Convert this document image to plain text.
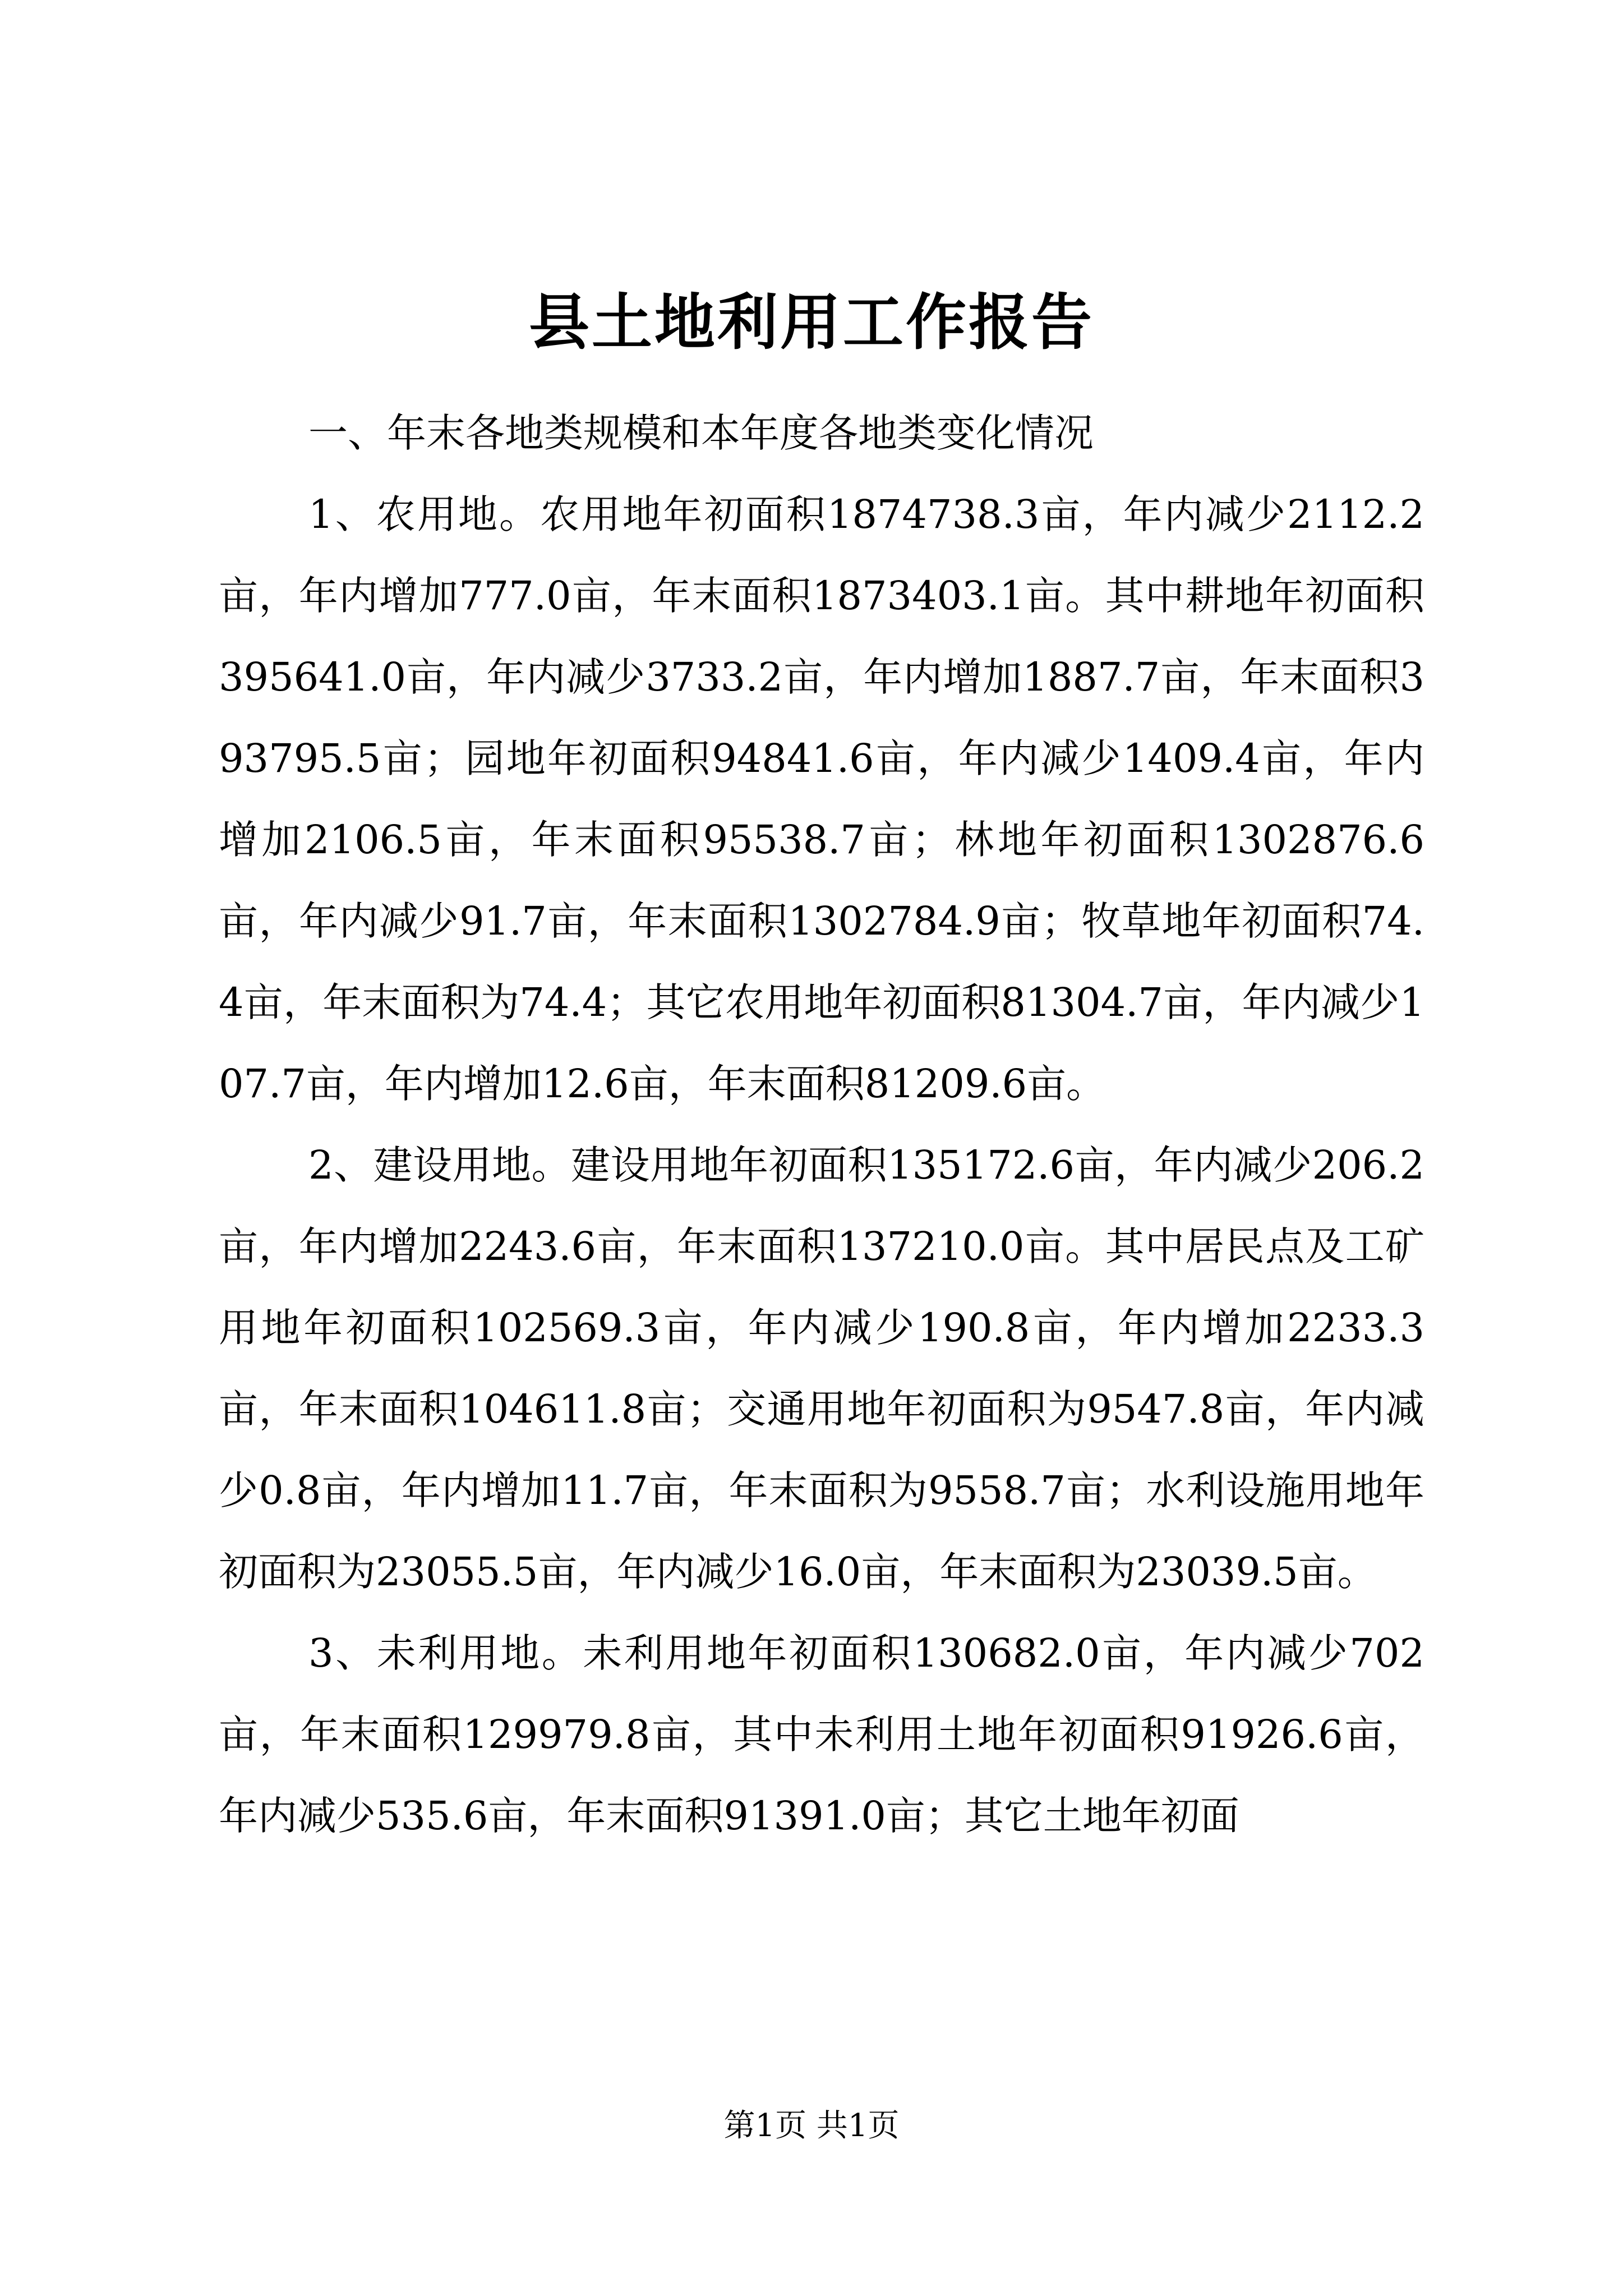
县土地利用工作报告

一、年末各地类规模和本年度各地类变化情况

1、农用地。农用地年初面积1874738.3亩，年内减少2112.2亩，年内增加777.0亩，年末面积1873403.1亩。其中耕地年初面积395641.0亩，年内减少3733.2亩，年内增加1887.7亩，年末面积393795.5亩；园地年初面积94841.6亩，年内减少1409.4亩，年内增加2106.5亩，年末面积95538.7亩；林地年初面积1302876.6亩，年内减少91.7亩，年末面积1302784.9亩；牧草地年初面积74.4亩，年末面积为74.4；其它农用地年初面积81304.7亩，年内减少107.7亩，年内增加12.6亩，年末面积81209.6亩。

2、建设用地。建设用地年初面积135172.6亩，年内减少206.2亩，年内增加2243.6亩，年末面积137210.0亩。其中居民点及工矿用地年初面积102569.3亩，年内减少190.8亩，年内增加2233.3亩，年末面积104611.8亩；交通用地年初面积为9547.8亩，年内减少0.8亩，年内增加11.7亩，年末面积为9558.7亩；水利设施用地年初面积为23055.5亩，年内减少16.0亩，年末面积为23039.5亩。

3、未利用地。未利用地年初面积130682.0亩，年内减少702亩，年末面积129979.8亩，其中未利用土地年初面积91926.6亩，年内减少535.6亩，年末面积91391.0亩；其它土地年初面

第1页 共1页
